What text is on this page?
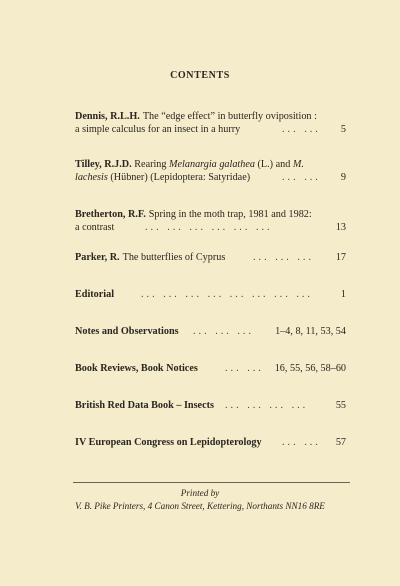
CONTENTS
Dennis, R.L.H. The “edge effect” in butterfly oviposition :
a simple calculus for an insect in a hurry	... ... 5
Tilley, R.J.D. Rearing Melanargia galathea (L.) and M.
lachesis (Hübner) (Lepidoptera: Satyridae)	... ... 9
Bretherton, R.F. Spring in the moth trap, 1981 and 1982:
a contrast	... ... ... ... ... ...	13
Parker, R. The butterflies of Cyprus	... ... ... 17
Editorial	... ... ... ... ... ... ... ...	1
Notes and Observations ... ... ... 1–4, 8, 11, 53, 54
Book Reviews, Book Notices	... ... 16, 55, 56, 58–60
British Red Data Book – Insects ... ... ... ...	55
IV European Congress on Lepidopterology ... ... 57
Printed by
V. B. Pike Printers, 4 Canon Street, Kettering, Northants NN16 8RE
